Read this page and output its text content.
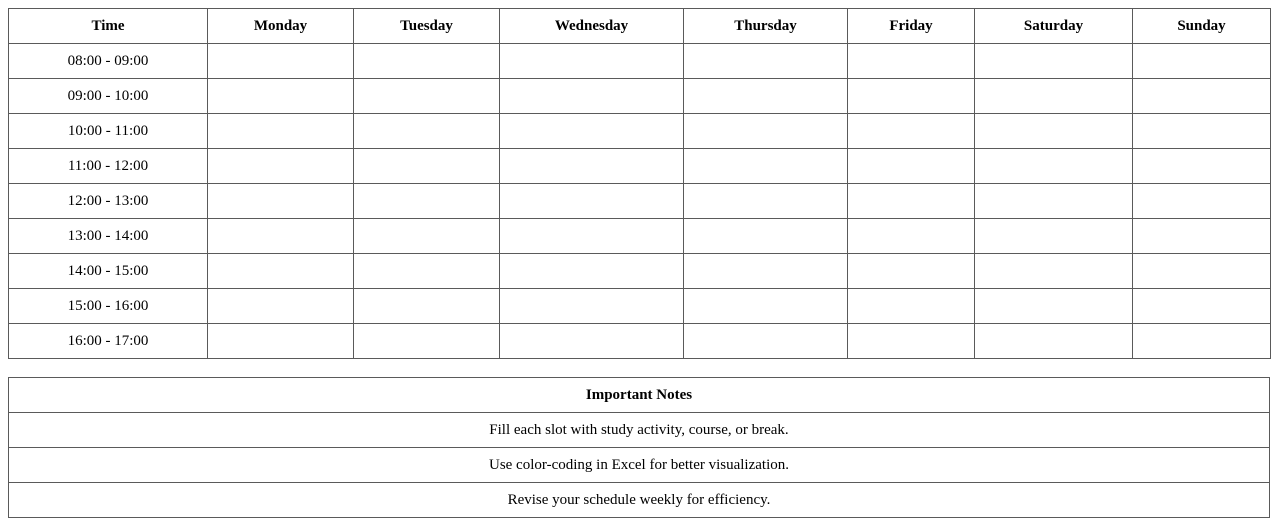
Time	Monday	Tuesday	Wednesday	Thursday	Friday	Saturday	Sunday
08:00 - 09:00							
09:00 - 10:00							
10:00 - 11:00							
11:00 - 12:00							
12:00 - 13:00							
13:00 - 14:00							
14:00 - 15:00							
15:00 - 16:00							
16:00 - 17:00							
Important Notes
Fill each slot with study activity, course, or break.
Use color-coding in Excel for better visualization.
Revise your schedule weekly for efficiency.
